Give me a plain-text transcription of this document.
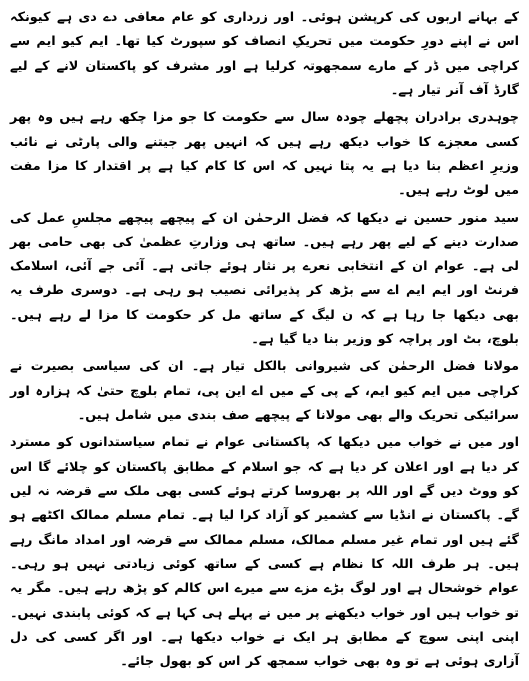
کے بہانے اربوں کی کرپشن ہوئی۔ اور زرداری کو عام معافی دے دی ہے کیونکہ اس نے اپنے دورِ حکومت میں تحریکِ انصاف کو سپورٹ کیا تھا۔ ایم کیو ایم سے کراچی میں ڈر کے مارے سمجھوتہ کرلیا ہے اور مشرف کو پاکستان لانے کے لیے گارڈ آف آنر تیار ہے۔

چوہدری برادران پچھلے چودہ سال سے حکومت کا جو مزا چکھ رہے ہیں وہ پھر کسی معجزے کا خواب دیکھ رہے ہیں کہ انہیں پھر جیتنے والی پارٹی نے نائب وزیرِ اعظم بنا دیا ہے یہ پتا نہیں کہ اس کا کام کیا ہے پر اقتدار کا مزا مفت میں لوٹ رہے ہیں۔

سید منور حسین نے دیکھا کہ فضل الرحمٰن ان کے پیچھے پیچھے مجلسِ عمل کی صدارت دینے کے لیے پھر رہے ہیں۔ ساتھ ہی وزارتِ عظمیٰ کی بھی حامی بھر لی ہے۔ عوام ان کے انتخابی نعرے پر نثار ہوئے جاتی ہے۔ آئی جے آئی، اسلامک فرنٹ اور ایم ایم اے سے بڑھ کر پذیرائی نصیب ہو رہی ہے۔ دوسری طرف یہ بھی دیکھا جا رہا ہے کہ ن لیگ کے ساتھ مل کر حکومت کا مزا لے رہے ہیں۔ بلوچ، بٹ اور پراچہ کو وزیر بنا دیا گیا ہے۔

مولانا فضل الرحمٰن کی شیروانی بالکل تیار ہے۔ ان کی سیاسی بصیرت نے کراچی میں ایم کیو ایم، کے پی کے میں اے این پی، تمام بلوچ حتیٰ کہ ہزارہ اور سرائیکی تحریک والے بھی مولانا کے پیچھے صف بندی میں شامل ہیں۔

اور میں نے خواب میں دیکھا کہ پاکستانی عوام نے تمام سیاستدانوں کو مسترد کر دیا ہے اور اعلان کر دیا ہے کہ جو اسلام کے مطابق پاکستان کو چلائے گا اس کو ووٹ دیں گے اور اللہ پر بھروسا کرتے ہوئے کسی بھی ملک سے قرضہ نہ لیں گے۔ پاکستان نے انڈیا سے کشمیر کو آزاد کرا لیا ہے۔ تمام مسلم ممالک اکٹھے ہو گئے ہیں اور تمام غیر مسلم ممالک، مسلم ممالک سے قرضہ اور امداد مانگ رہے ہیں۔ ہر طرف اللہ کا نظام ہے کسی کے ساتھ کوئی زیادتی نہیں ہو رہی۔ عوام خوشحال ہے اور لوگ بڑے مزے سے میرے اس کالم کو پڑھ رہے ہیں۔ مگر یہ تو خواب ہیں اور خواب دیکھنے پر میں نے پہلے ہی کہا ہے کہ کوئی پابندی نہیں۔ اپنی اپنی سوچ کے مطابق ہر ایک نے خواب دیکھا ہے۔ اور اگر کسی کی دل آزاری ہوئی ہے تو وہ بھی خواب سمجھ کر اس کو بھول جائے۔
